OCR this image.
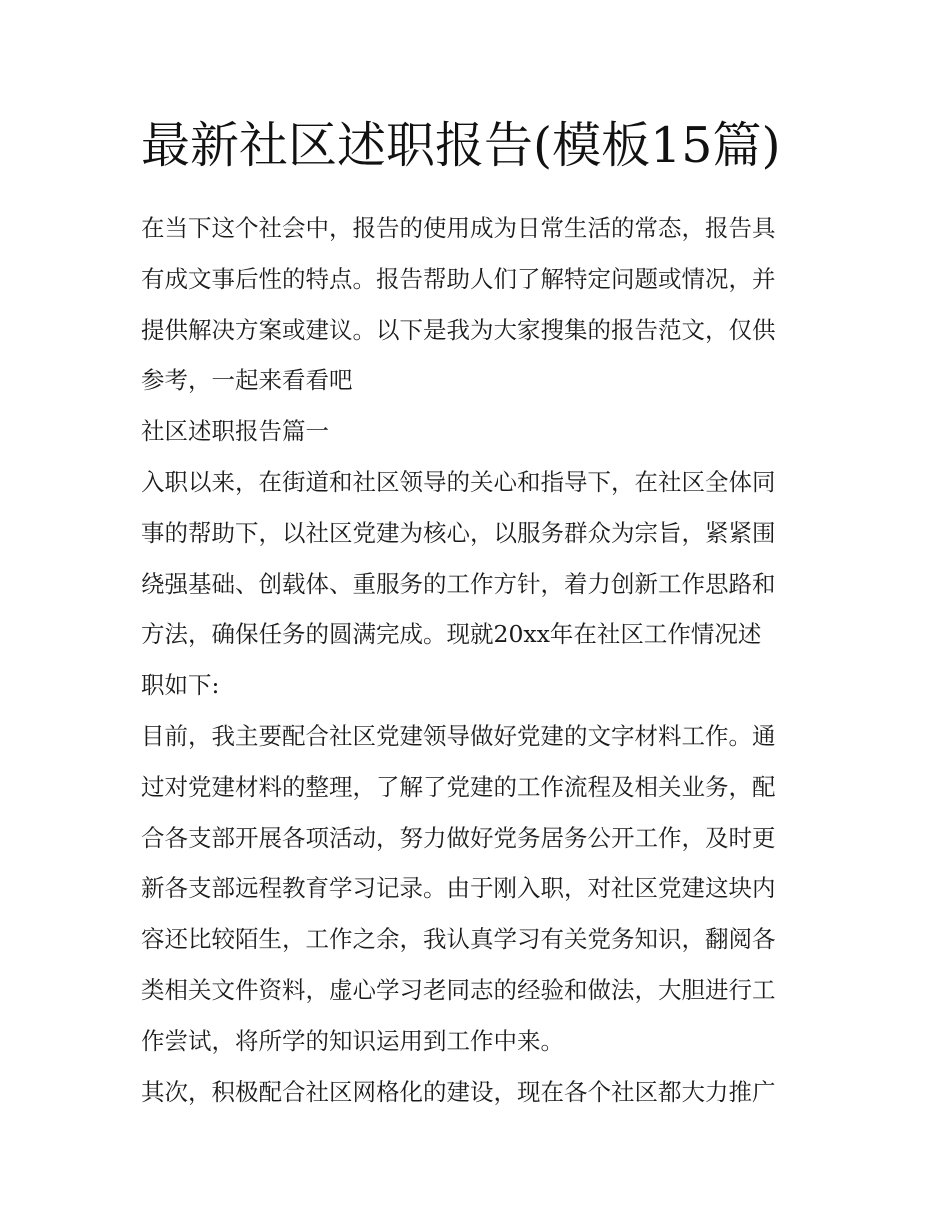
最新社区述职报告(模板15篇)

在当下这个社会中，报告的使用成为日常生活的常态，报告具
有成文事后性的特点。报告帮助人们了解特定问题或情况，并
提供解决方案或建议。以下是我为大家搜集的报告范文，仅供
参考，一起来看看吧

社区述职报告篇一

入职以来，在街道和社区领导的关心和指导下，在社区全体同
事的帮助下，以社区党建为核心，以服务群众为宗旨，紧紧围
绕强基础、创载体、重服务的工作方针，着力创新工作思路和
方法，确保任务的圆满完成。现就20xx年在社区工作情况述
职如下:

目前，我主要配合社区党建领导做好党建的文字材料工作。通
过对党建材料的整理，了解了党建的工作流程及相关业务，配
合各支部开展各项活动，努力做好党务居务公开工作，及时更
新各支部远程教育学习记录。由于刚入职，对社区党建这块内
容还比较陌生，工作之余，我认真学习有关党务知识，翻阅各
类相关文件资料，虚心学习老同志的经验和做法，大胆进行工
作尝试，将所学的知识运用到工作中来。

其次，积极配合社区网格化的建设，现在各个社区都大力推广
